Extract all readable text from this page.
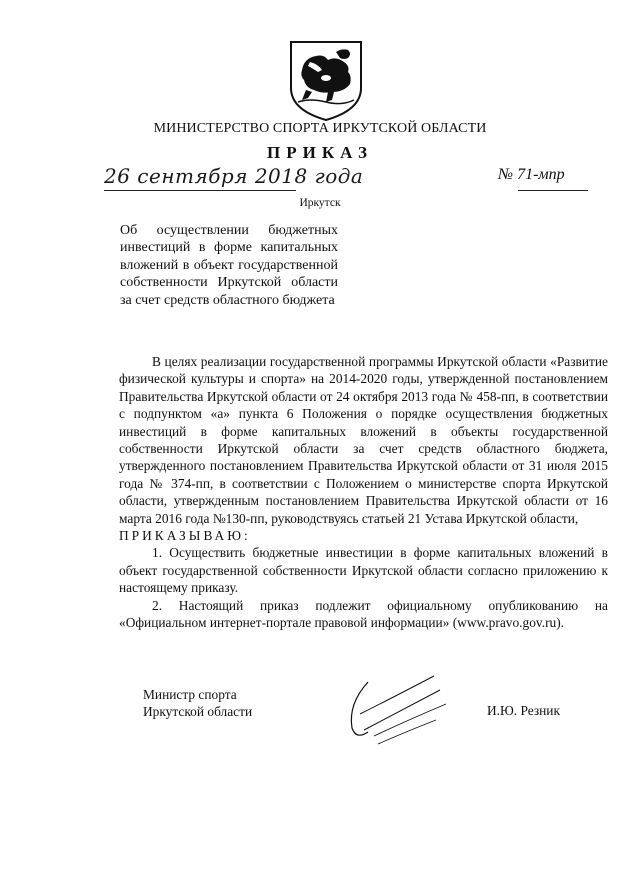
МИНИСТЕРСТВО СПОРТА ИРКУТСКОЙ ОБЛАСТИ
ПРИКАЗ
26 сентября 2018 года	№ 71-мпр
Иркутск
Об осуществлении бюджетных инвестиций в форме капитальных вложений в объект государственной собственности Иркутской области за счет средств областного бюджета

В целях реализации государственной программы Иркутской области «Развитие физической культуры и спорта» на 2014-2020 годы, утвержденной постановлением Правительства Иркутской области от 24 октября 2013 года № 458-пп, в соответствии с подпунктом «а» пункта 6 Положения о порядке осуществления бюджетных инвестиций в форме капитальных вложений в объекты государственной собственности Иркутской области за счет средств областного бюджета, утвержденного постановлением Правительства Иркутской области от 31 июля 2015 года № 374-пп, в соответствии с Положением о министерстве спорта Иркутской области, утвержденным постановлением Правительства Иркутской области от 16 марта 2016 года №130-пп, руководствуясь статьей 21 Устава Иркутской области,

ПРИКАЗЫВАЮ:

1. Осуществить бюджетные инвестиции в форме капитальных вложений в объект государственной собственности Иркутской области согласно приложению к настоящему приказу.

2. Настоящий приказ подлежит официальному опубликованию на «Официальном интернет-портале правовой информации» (www.pravo.gov.ru).

Министр спорта
Иркутской области	И.Ю. Резник
